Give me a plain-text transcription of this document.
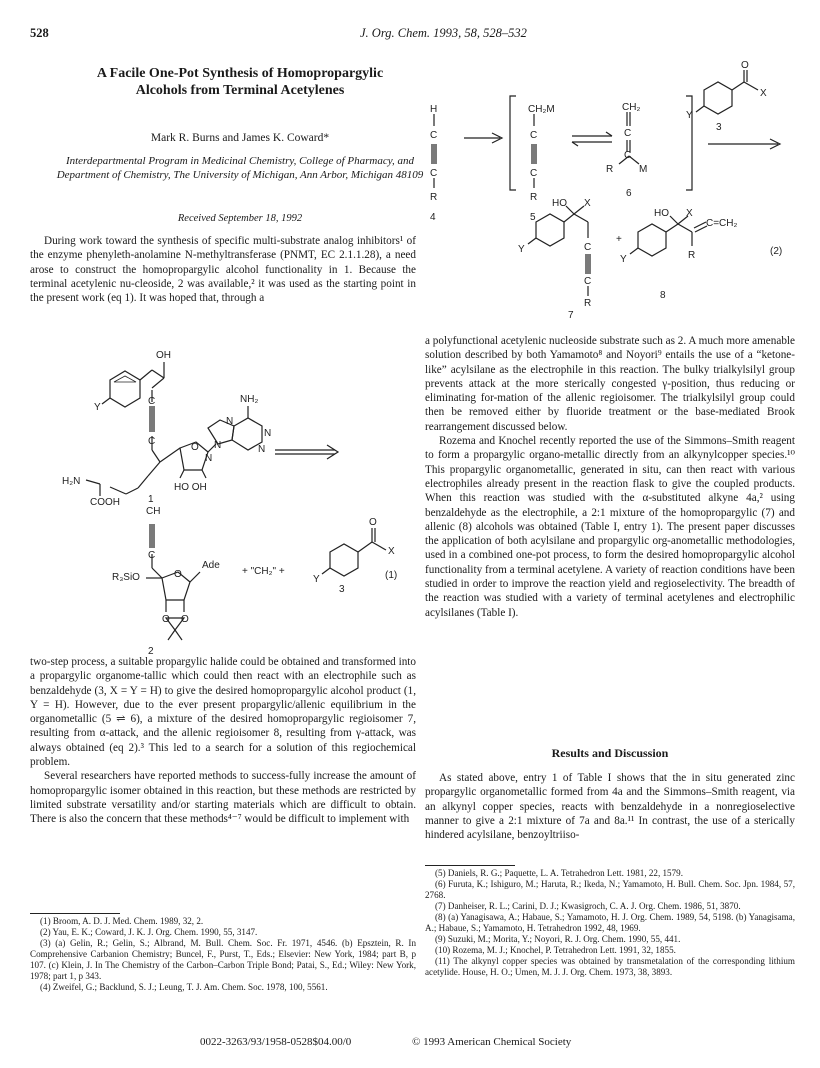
528	J. Org. Chem. 1993, 58, 528–532
A Facile One-Pot Synthesis of Homopropargylic Alcohols from Terminal Acetylenes
Mark R. Burns and James K. Coward*
Interdepartmental Program in Medicinal Chemistry, College of Pharmacy, and Department of Chemistry, The University of Michigan, Ann Arbor, Michigan 48109
Received September 18, 1992

During work toward the synthesis of specific multi-substrate analog inhibitors¹ of the enzyme phenyleth-anolamine N-methyltransferase (PNMT, EC 2.1.1.28), a need arose to construct the homopropargylic alcohol functionality in 1. Because the terminal acetylenic nu-cleoside, 2 was available,² it was used as the starting point in the present work (eq 1). It was hoped that, through a

OH
Y
C
C
NH₂
N
N
N
N
N
O
H₂N
COOH
HO OH
1
CH
C
Ade
O
R₃SiO
O O
2
+ "CH₂" +
O
X
Y
3
(1)

two-step process, a suitable propargylic halide could be obtained and transformed into a propargylic organome-tallic which could then react with an electrophile such as benzaldehyde (3, X = Y = H) to give the desired homopropargylic alcohol product (1, Y = H). However, due to the ever present propargylic/allenic equilibrium in the organometallic (5 ⇌ 6), a mixture of the desired homopropargylic regioisomer 7, resulting from α-attack, and the allenic regioisomer 8, resulting from γ-attack, was always obtained (eq 2).³ This led to a search for a solution of this regiochemical problem.

Several researchers have reported methods to success-fully increase the amount of homopropargylic isomer obtained in this reaction, but these methods are restricted by limited substrate versatility and/or starting materials which are difficult to obtain. There is also the concern that these methods⁴⁻⁷ would be difficult to implement with

(1) Broom, A. D. J. Med. Chem. 1989, 32, 2.

(2) Yau, E. K.; Coward, J. K. J. Org. Chem. 1990, 55, 3147.

(3) (a) Gelin, R.; Gelin, S.; Albrand, M. Bull. Chem. Soc. Fr. 1971, 4546. (b) Epsztein, R. In Comprehensive Carbanion Chemistry; Buncel, F., Purst, T., Eds.; Elsevier: New York, 1984; part B, p 107. (c) Klein, J. In The Chemistry of the Carbon–Carbon Triple Bond; Patai, S., Ed.; Wiley: New York, 1978; part 1, p 343.

(4) Zweifel, G.; Backlund, S. J.; Leung, T. J. Am. Chem. Soc. 1978, 100, 5561.

H
C
C
R
4
CH₂M
C
C
R
5
CH₂
C
C
R	M
6
O
X
Y
3
HO X
Y	C
C
R
7
+
HO X
C=CH₂
R
Y
8
(2)

a polyfunctional acetylenic nucleoside substrate such as 2. A much more amenable solution described by both Yamamoto⁸ and Noyori⁹ entails the use of a “ketone-like” acylsilane as the electrophile in this reaction. The bulky trialkylsilyl group prevents attack at the more sterically congested γ-position, thus reducing or eliminating for-mation of the allenic regioisomer. The trialkylsilyl group could then be removed either by fluoride treatment or the base-mediated Brook rearrangement discussed below.

Rozema and Knochel recently reported the use of the Simmons–Smith reagent to form a propargylic organo-metallic directly from an alkynylcopper species.¹⁰ This propargylic organometallic, generated in situ, can then react with various electrophiles already present in the reaction flask to give the coupled products. When this reaction was studied with the α-substituted alkyne 4a,² using benzaldehyde as the electrophile, a 2:1 mixture of the homopropargylic (7) and allenic (8) alcohols was obtained (Table I, entry 1). The present paper discusses the application of both acylsilane and propargylic org-anometallic methodologies, used in a combined one-pot process, to form the desired homopropargylic alcohol functionality from a terminal acetylene. A variety of reaction conditions have been studied in order to improve the reaction yield and regioselectivity. The breadth of the reaction was studied with a variety of terminal acetylenes and electrophilic acylsilanes (Table I).

Results and Discussion

As stated above, entry 1 of Table I shows that the in situ generated zinc propargylic organometallic formed from 4a and the Simmons–Smith reagent, via an alkynyl copper species, reacts with benzaldehyde in a nonregioselective manner to give a 2:1 mixture of 7a and 8a.¹¹ In contrast, the use of a sterically hindered acylsilane, benzoyltriiso-

(5) Daniels, R. G.; Paquette, L. A. Tetrahedron Lett. 1981, 22, 1579.

(6) Furuta, K.; Ishiguro, M.; Haruta, R.; Ikeda, N.; Yamamoto, H. Bull. Chem. Soc. Jpn. 1984, 57, 2768.

(7) Danheiser, R. L.; Carini, D. J.; Kwasigroch, C. A. J. Org. Chem. 1986, 51, 3870.

(8) (a) Yanagisawa, A.; Habaue, S.; Yamamoto, H. J. Org. Chem. 1989, 54, 5198. (b) Yanagisama, A.; Habaue, S.; Yamamoto, H. Tetrahedron 1992, 48, 1969.

(9) Suzuki, M.; Morita, Y.; Noyori, R. J. Org. Chem. 1990, 55, 441.

(10) Rozema, M. J.; Knochel, P. Tetrahedron Lett. 1991, 32, 1855.

(11) The alkynyl copper species was obtained by transmetalation of the corresponding lithium acetylide. House, H. O.; Umen, M. J. J. Org. Chem. 1973, 38, 3893.

0022-3263/93/1958-0528$04.00/0	© 1993 American Chemical Society
